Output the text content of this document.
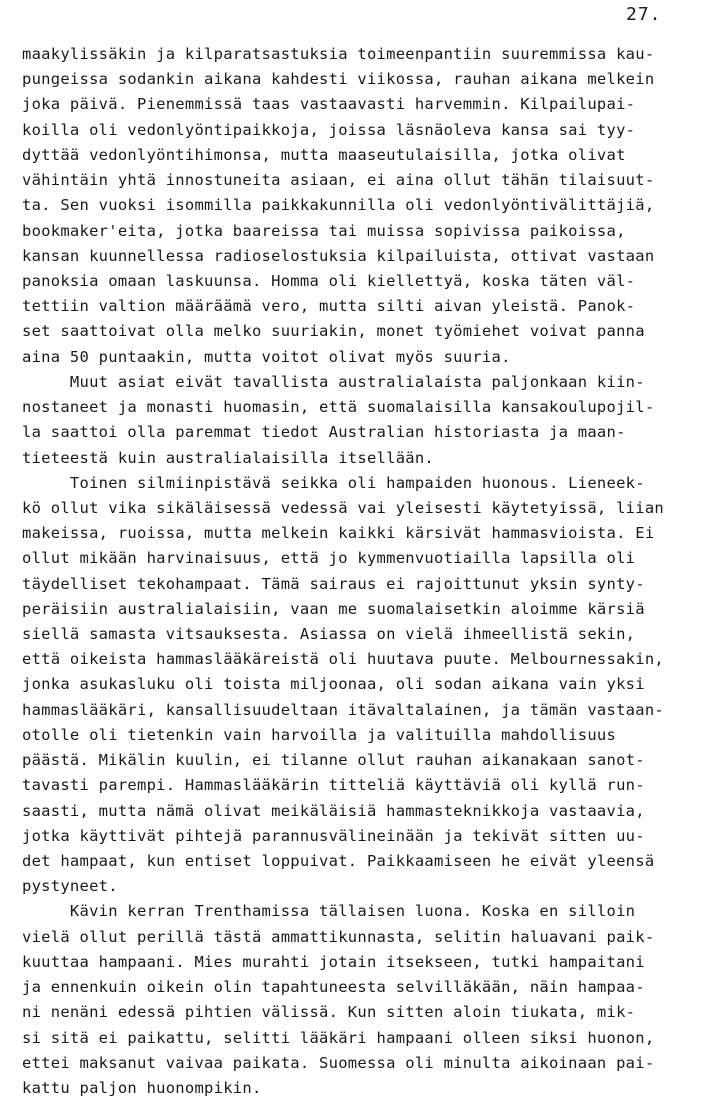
27.
maakylissäkin ja kilparatsastuksia toimeenpantiin suuremmissa kau-
pungeissa sodankin aikana kahdesti viikossa, rauhan aikana melkein
joka päivä. Pienemmissä taas vastaavasti harvemmin. Kilpailupai-
koilla oli vedonlyöntipaikkoja, joissa läsnäoleva kansa sai tyy-
dyttää vedonlyöntihimonsa, mutta maaseutulaisilla, jotka olivat
vähintäin yhtä innostuneita asiaan, ei aina ollut tähän tilaisuut-
ta. Sen vuoksi isommilla paikkakunnilla oli vedonlyöntivälittäjiä,
bookmaker'eita, jotka baareissa tai muissa sopivissa paikoissa,
kansan kuunnellessa radioselostuksia kilpailuista, ottivat vastaan
panoksia omaan laskuunsa. Homma oli kiellettyä, koska täten väl-
tettiin valtion määräämä vero, mutta silti aivan yleistä. Panok-
set saattoivat olla melko suuriakin, monet työmiehet voivat panna
aina 50 puntaakin, mutta voitot olivat myös suuria.
Muut asiat eivät tavallista australialaista paljonkaan kiin-
nostaneet ja monasti huomasin, että suomalaisilla kansakoulupojil-
la saattoi olla paremmat tiedot Australian historiasta ja maan-
tieteestä kuin australialaisilla itsellään.
Toinen silmiinpistävä seikka oli hampaiden huonous. Lieneek-
kö ollut vika sikäläisessä vedessä vai yleisesti käytetyissä, liian
makeissa, ruoissa, mutta melkein kaikki kärsivät hammasvioista. Ei
ollut mikään harvinaisuus, että jo kymmenvuotiailla lapsilla oli
täydelliset tekohampaat. Tämä sairaus ei rajoittunut yksin synty-
peräisiin australialaisiin, vaan me suomalaisetkin aloimme kärsiä
siellä samasta vitsauksesta. Asiassa on vielä ihmeellistä sekin,
että oikeista hammaslääkäreistä oli huutava puute. Melbournessakin,
jonka asukasluku oli toista miljoonaa, oli sodan aikana vain yksi
hammaslääkäri, kansallisuudeltaan itävaltalainen, ja tämän vastaan-
otolle oli tietenkin vain harvoilla ja valituilla mahdollisuus
päästä. Mikälin kuulin, ei tilanne ollut rauhan aikanakaan sanot-
tavasti parempi. Hammaslääkärin titteliä käyttäviä oli kyllä run-
saasti, mutta nämä olivat meikäläisiä hammasteknikkoja vastaavia,
jotka käyttivät pihtejä parannusvälineinään ja tekivät sitten uu-
det hampaat, kun entiset loppuivat. Paikkaamiseen he eivät yleensä
pystyneet.
Kävin kerran Trenthamissa tällaisen luona. Koska en silloin
vielä ollut perillä tästä ammattikunnasta, selitin haluavani paik-
kuuttaa hampaani. Mies murahti jotain itsekseen, tutki hampaitani
ja ennenkuin oikein olin tapahtuneesta selvilläkään, näin hampaa-
ni nenäni edessä pihtien välissä. Kun sitten aloin tiukata, mik-
si sitä ei paikattu, selitti lääkäri hampaani olleen siksi huonon,
ettei maksanut vaivaa paikata. Suomessa oli minulta aikoinaan pai-
kattu paljon huonompikin.
